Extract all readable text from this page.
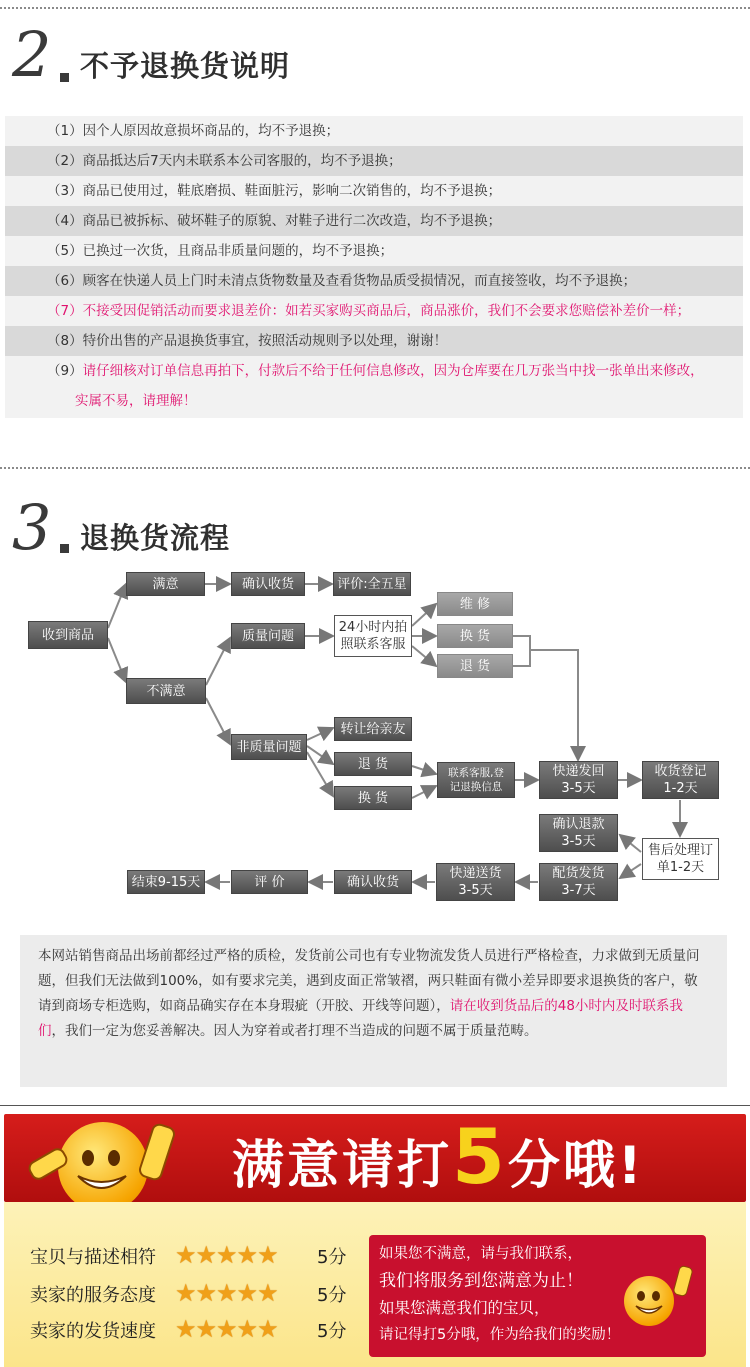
2 不予退换货说明
（1）因个人原因故意损坏商品的，均不予退换；
（2）商品抵达后7天内未联系本公司客服的，均不予退换；
（3）商品已使用过，鞋底磨损、鞋面脏污，影响二次销售的，均不予退换；
（4）商品已被拆标、破坏鞋子的原貌、对鞋子进行二次改造，均不予退换；
（5）已换过一次货，且商品非质量问题的，均不予退换；
（6）顾客在快递人员上门时未清点货物数量及查看货物品质受损情况，而直接签收，均不予退换；
（7）不接受因促销活动而要求退差价：如若买家购买商品后，商品涨价，我们不会要求您赔偿补差价一样；
（8）特价出售的产品退换货事宜，按照活动规则予以处理，谢谢！
（9）请仔细核对订单信息再拍下，付款后不给于任何信息修改，因为仓库要在几万张当中找一张单出来修改，
实属不易，请理解！
3 退换货流程
收到商品
满意	确认收货	评价:全五星
不满意
质量问题
24小时内拍
照联系客服
维 修
换 货
退 货
非质量问题
转让给亲友
退 货
换 货
联系客服,登
记退换信息
快递发回
3-5天
收货登记
1-2天
确认退款
3-5天
售后处理订
单1-2天
配货发货
3-7天
快递送货
3-5天
确认收货
评 价
结束9-15天
本网站销售商品出场前都经过严格的质检，发货前公司也有专业物流发货人员进行严格检查，力求做到无质量问题，但我们无法做到100%，如有要求完美，遇到皮面正常皱褶，两只鞋面有微小差异即要求退换货的客户，敬请到商场专柜选购，如商品确实存在本身瑕疵（开胶、开线等问题），请在收到货品后的48小时内及时联系我们，我们一定为您妥善解决。因人为穿着或者打理不当造成的问题不属于质量范畴。
满意请打5分哦!
宝贝与描述相符 ★★★★★ 5分
卖家的服务态度 ★★★★★ 5分
卖家的发货速度 ★★★★★ 5分
如果您不满意，请与我们联系，
我们将服务到您满意为止！
如果您满意我们的宝贝，
请记得打5分哦，作为给我们的奖励！
